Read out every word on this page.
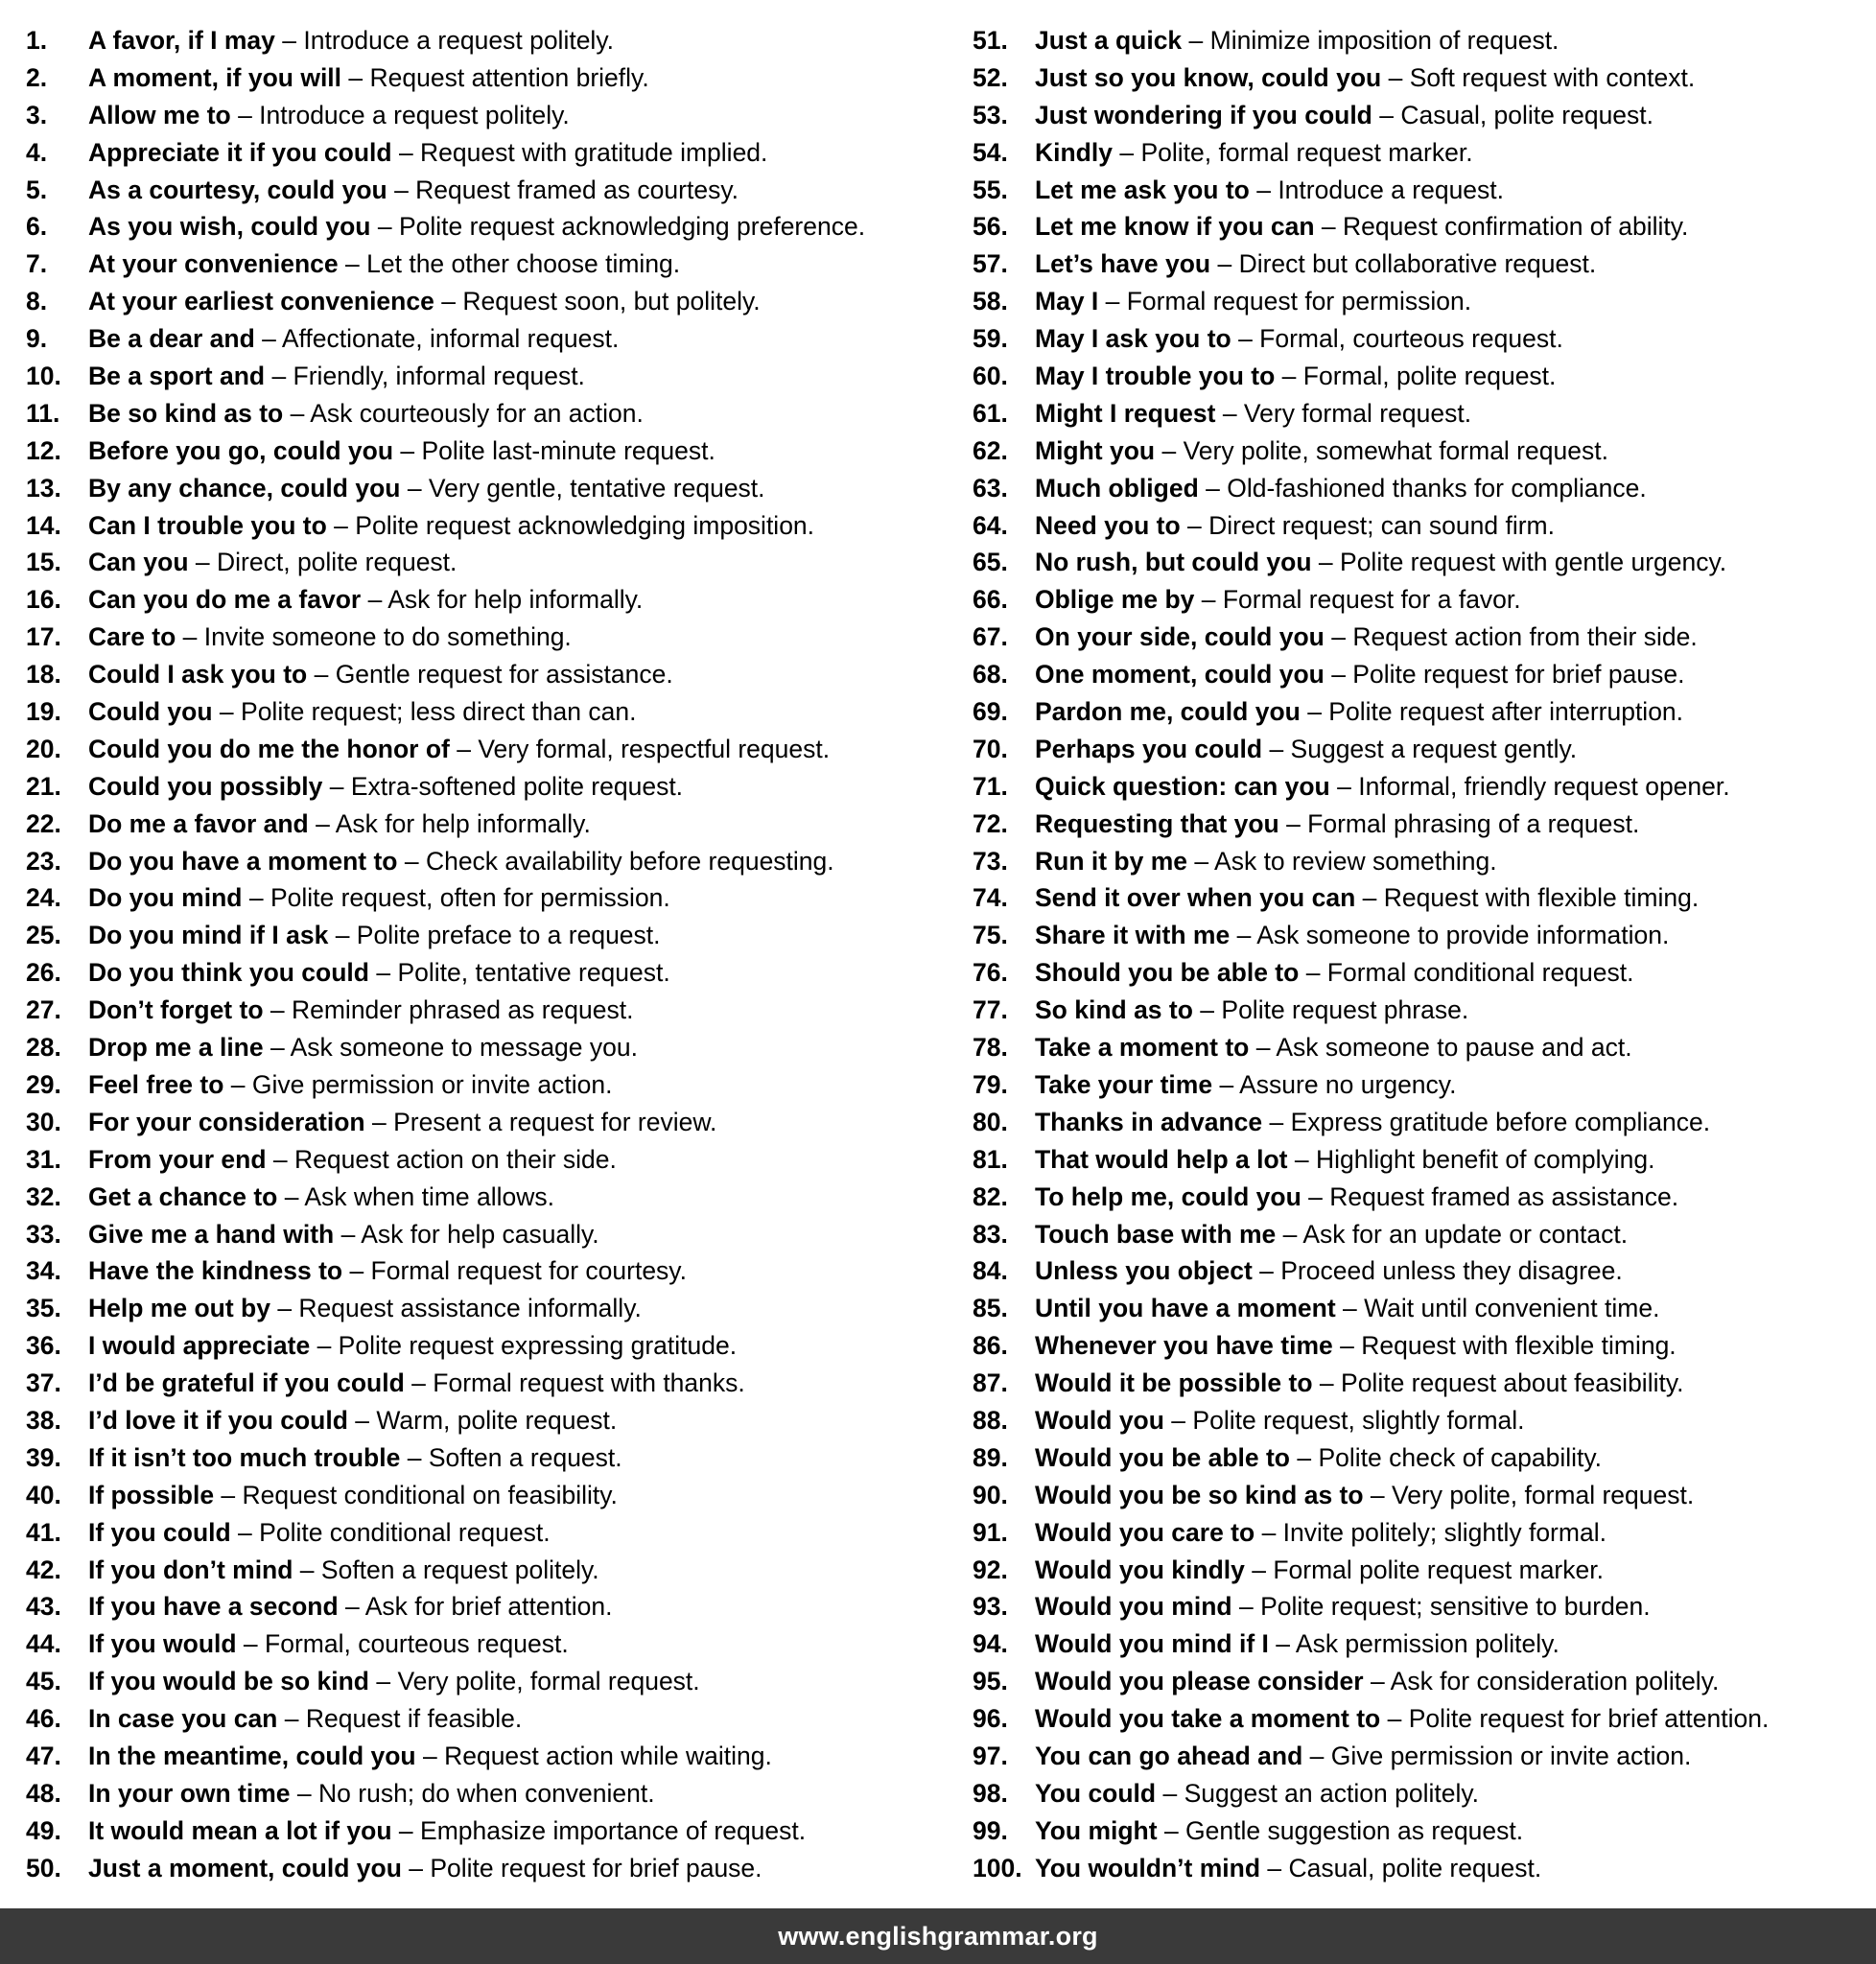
1. A favor, if I may – Introduce a request politely.
2. A moment, if you will – Request attention briefly.
3. Allow me to – Introduce a request politely.
4. Appreciate it if you could – Request with gratitude implied.
5. As a courtesy, could you – Request framed as courtesy.
6. As you wish, could you – Polite request acknowledging preference.
7. At your convenience – Let the other choose timing.
8. At your earliest convenience – Request soon, but politely.
9. Be a dear and – Affectionate, informal request.
10. Be a sport and – Friendly, informal request.
11. Be so kind as to – Ask courteously for an action.
12. Before you go, could you – Polite last-minute request.
13. By any chance, could you – Very gentle, tentative request.
14. Can I trouble you to – Polite request acknowledging imposition.
15. Can you – Direct, polite request.
16. Can you do me a favor – Ask for help informally.
17. Care to – Invite someone to do something.
18. Could I ask you to – Gentle request for assistance.
19. Could you – Polite request; less direct than can.
20. Could you do me the honor of – Very formal, respectful request.
21. Could you possibly – Extra-softened polite request.
22. Do me a favor and – Ask for help informally.
23. Do you have a moment to – Check availability before requesting.
24. Do you mind – Polite request, often for permission.
25. Do you mind if I ask – Polite preface to a request.
26. Do you think you could – Polite, tentative request.
27. Don’t forget to – Reminder phrased as request.
28. Drop me a line – Ask someone to message you.
29. Feel free to – Give permission or invite action.
30. For your consideration – Present a request for review.
31. From your end – Request action on their side.
32. Get a chance to – Ask when time allows.
33. Give me a hand with – Ask for help casually.
34. Have the kindness to – Formal request for courtesy.
35. Help me out by – Request assistance informally.
36. I would appreciate – Polite request expressing gratitude.
37. I’d be grateful if you could – Formal request with thanks.
38. I’d love it if you could – Warm, polite request.
39. If it isn’t too much trouble – Soften a request.
40. If possible – Request conditional on feasibility.
41. If you could – Polite conditional request.
42. If you don’t mind – Soften a request politely.
43. If you have a second – Ask for brief attention.
44. If you would – Formal, courteous request.
45. If you would be so kind – Very polite, formal request.
46. In case you can – Request if feasible.
47. In the meantime, could you – Request action while waiting.
48. In your own time – No rush; do when convenient.
49. It would mean a lot if you – Emphasize importance of request.
50. Just a moment, could you – Polite request for brief pause.
51. Just a quick – Minimize imposition of request.
52. Just so you know, could you – Soft request with context.
53. Just wondering if you could – Casual, polite request.
54. Kindly – Polite, formal request marker.
55. Let me ask you to – Introduce a request.
56. Let me know if you can – Request confirmation of ability.
57. Let’s have you – Direct but collaborative request.
58. May I – Formal request for permission.
59. May I ask you to – Formal, courteous request.
60. May I trouble you to – Formal, polite request.
61. Might I request – Very formal request.
62. Might you – Very polite, somewhat formal request.
63. Much obliged – Old-fashioned thanks for compliance.
64. Need you to – Direct request; can sound firm.
65. No rush, but could you – Polite request with gentle urgency.
66. Oblige me by – Formal request for a favor.
67. On your side, could you – Request action from their side.
68. One moment, could you – Polite request for brief pause.
69. Pardon me, could you – Polite request after interruption.
70. Perhaps you could – Suggest a request gently.
71. Quick question: can you – Informal, friendly request opener.
72. Requesting that you – Formal phrasing of a request.
73. Run it by me – Ask to review something.
74. Send it over when you can – Request with flexible timing.
75. Share it with me – Ask someone to provide information.
76. Should you be able to – Formal conditional request.
77. So kind as to – Polite request phrase.
78. Take a moment to – Ask someone to pause and act.
79. Take your time – Assure no urgency.
80. Thanks in advance – Express gratitude before compliance.
81. That would help a lot – Highlight benefit of complying.
82. To help me, could you – Request framed as assistance.
83. Touch base with me – Ask for an update or contact.
84. Unless you object – Proceed unless they disagree.
85. Until you have a moment – Wait until convenient time.
86. Whenever you have time – Request with flexible timing.
87. Would it be possible to – Polite request about feasibility.
88. Would you – Polite request, slightly formal.
89. Would you be able to – Polite check of capability.
90. Would you be so kind as to – Very polite, formal request.
91. Would you care to – Invite politely; slightly formal.
92. Would you kindly – Formal polite request marker.
93. Would you mind – Polite request; sensitive to burden.
94. Would you mind if I – Ask permission politely.
95. Would you please consider – Ask for consideration politely.
96. Would you take a moment to – Polite request for brief attention.
97. You can go ahead and – Give permission or invite action.
98. You could – Suggest an action politely.
99. You might – Gentle suggestion as request.
100. You wouldn’t mind – Casual, polite request.
www.englishgrammar.org
